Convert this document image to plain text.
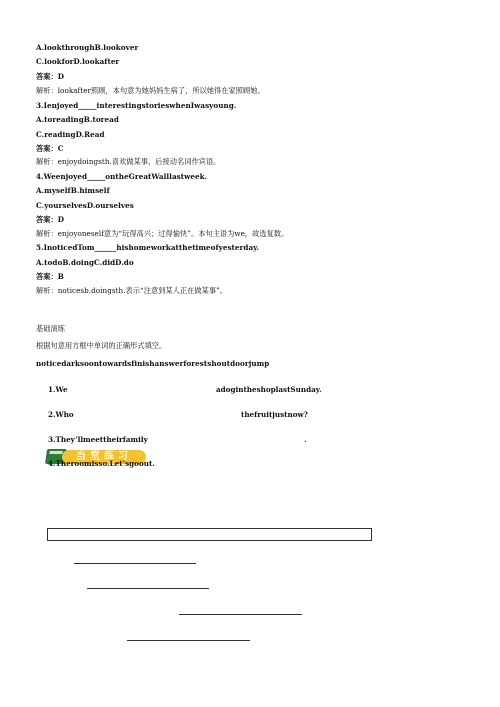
A.lookthroughB.lookover
C.lookforD.lookafter
答案：D
解析：lookafter照顾，本句意为她妈妈生病了，所以她得在家照顾她。
3.Ienjoyed_____interestingstorieswhenIwasyoung.
A.toreadingB.toread
C.readingD.Read
答案：C
解析：enjoydoingsth.喜欢做某事，后接动名词作宾语。
4.Weenjoyed_____ontheGreatWalllastweek.
A.myselfB.himself
C.yourselvesD.ourselves
答案：D
解析：enjoyoneself意为“玩得高兴；过得愉快”。本句主语为we，故选复数。
5.InoticedTom______hishomeworkatthetimeofyesterday.
A.todoB.doingC.didD.do
答案：B
解析：noticesb.doingsth.表示“注意到某人正在做某事”。
基础演练
根据句意用方框中单词的正确形式填空。
noticedarksoontowardsfinishanswerforestshoutdoorjump
1.We	adogintheshoplastSunday.
2.Who	thefruitjustnow?
3.They’llmeettheirfamily	.
当堂练习
4.Theroomisso.Let’sgoout.
